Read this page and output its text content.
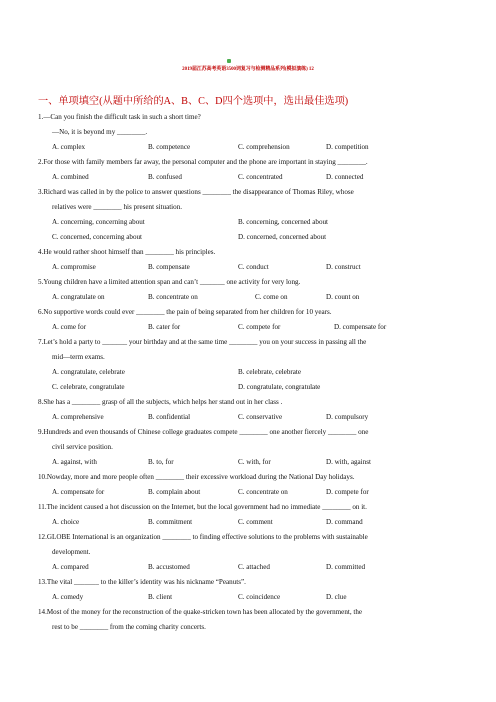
2019届江苏高考英语3500词复习与检测精品系列(模拟演练) 12
一、单项填空(从题中所给的A、B、C、D四个选项中，选出最佳选项)
1.—Can you finish the difficult task in such a short time?
—No, it is beyond my ________.
A. complex	B. competence	C. comprehension	D. competition
2.For those with family members far away, the personal computer and the phone are important in staying ________.
A. combined	B. confused	C. concentrated	D. connected
3.Richard was called in by the police to answer questions ________ the disappearance of Thomas Riley, whose
relatives were ________ his present situation.
A. concerning, concerning about	B. concerning, concerned about
C. concerned, concerning about	D. concerned, concerned about
4.He would rather shoot himself than ________ his principles.
A. compromise	B. compensate	C. conduct	D. construct
5.Young children have a limited attention span and can’t _______ one activity for very long.
A. congratulate on	B. concentrate on	C. come on	D. count on
6.No supportive words could ever ________ the pain of being separated from her children for 10 years.
A. come for	B. cater for	C. compete for	D. compensate for
7.Let’s hold a party to _______ your birthday and at the same time ________ you on your success in passing all the
mid—term exams.
A. congratulate, celebrate	B. celebrate, celebrate
C. celebrate, congratulate	D. congratulate, congratulate
8.She has a ________ grasp of all the subjects, which helps her stand out in her class .
A. comprehensive	B. confidential	C. conservative	D. compulsory
9.Hundreds and even thousands of Chinese college graduates compete ________ one another fiercely ________ one
civil service position.
A. against, with	B. to, for	C. with, for	D. with, against
10.Nowday, more and more people often ________ their excessive workload during the National Day holidays.
A. compensate for	B. complain about	C. concentrate on	D. compete for
11.The incident caused a hot discussion on the Internet, but the local government had no immediate ________ on it.
A. choice	B. commitment	C. comment	D. command
12.GLOBE International is an organization ________ to finding effective solutions to the problems with sustainable
development.
A. compared	B. accustomed	C. attached	D. committed
13.The vital _______ to the killer’s identity was his nickname “Peanuts”.
A. comedy	B. client	C. coincidence	D. clue
14.Most of the money for the reconstruction of the quake-stricken town has been allocated by the government, the
rest to be ________ from the coming charity concerts.
